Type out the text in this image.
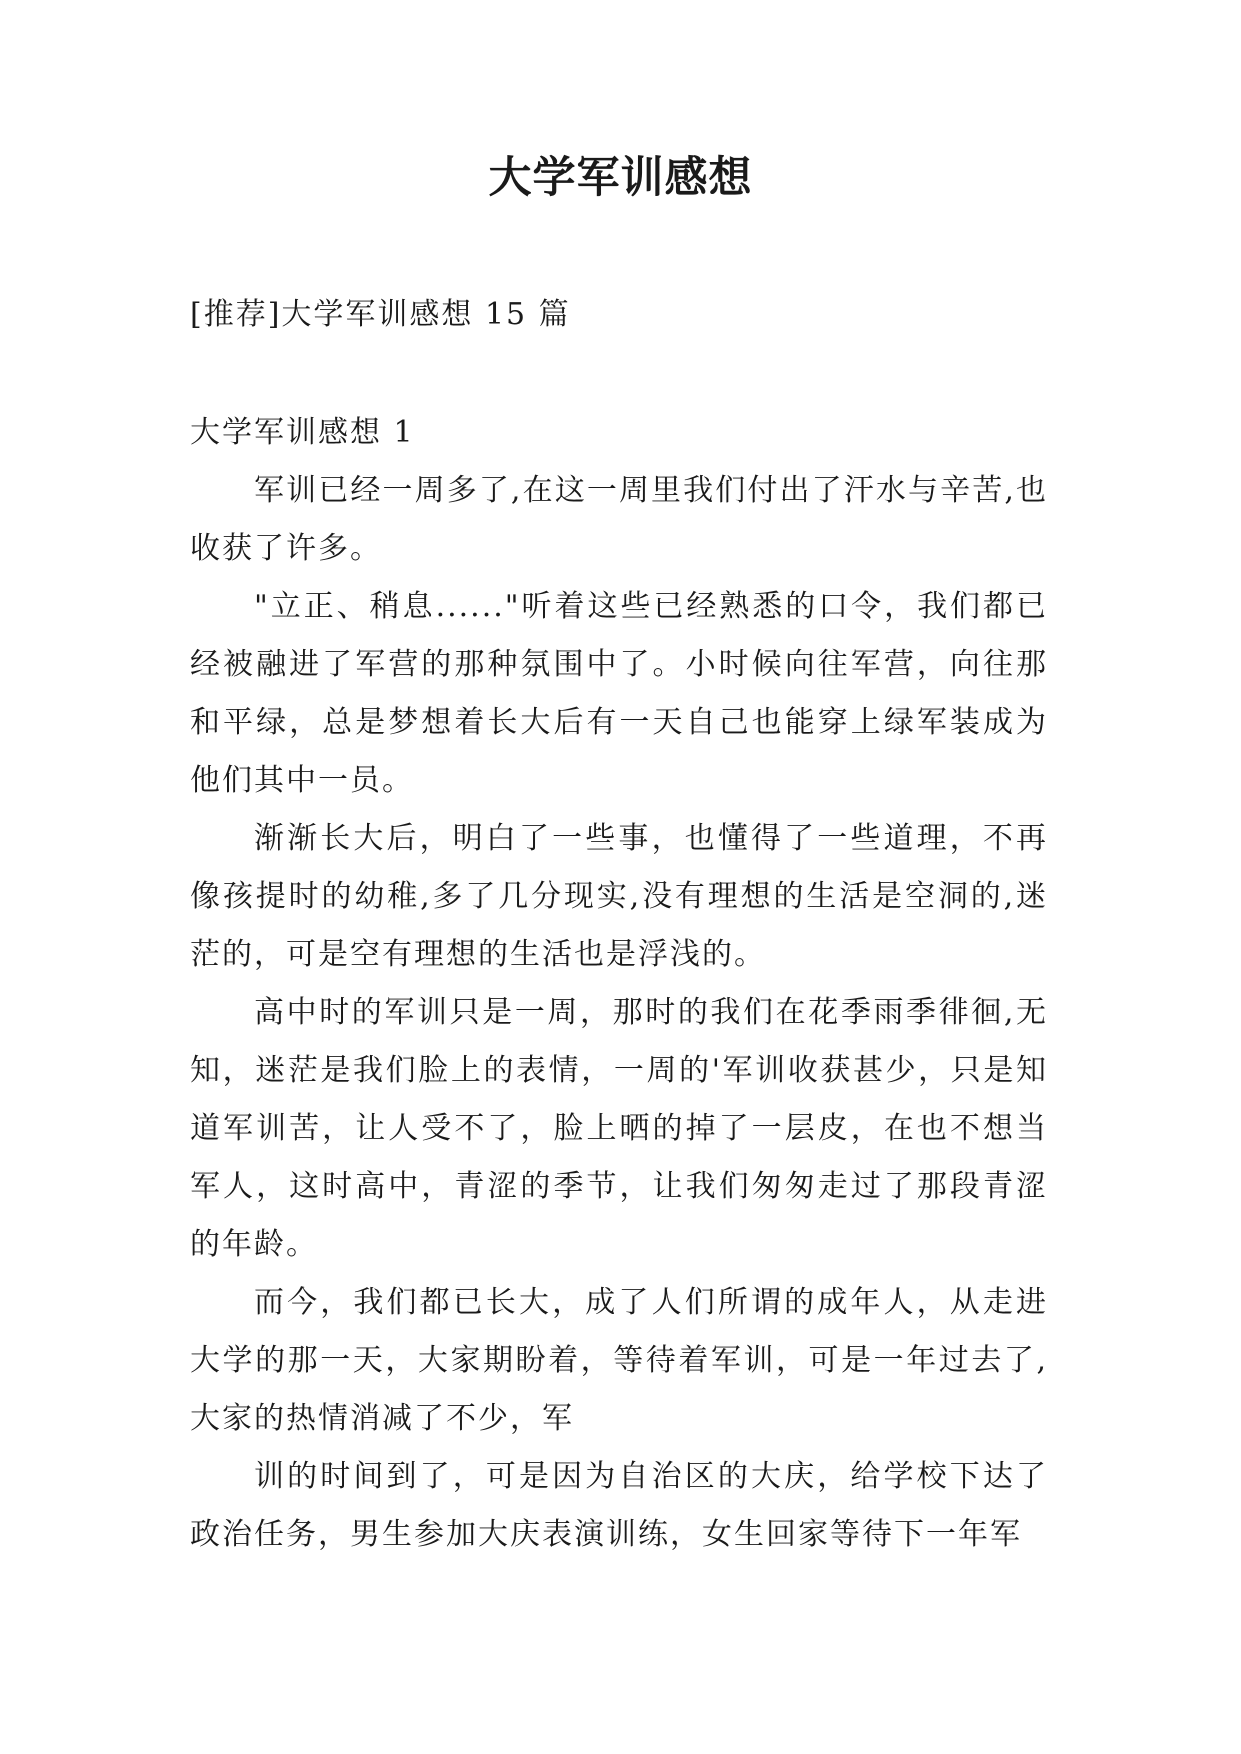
大学军训感想

[推荐]大学军训感想 15 篇

大学军训感想 1

军训已经一周多了,在这一周里我们付出了汗水与辛苦,也收获了许多。

"立正、稍息......"听着这些已经熟悉的口令，我们都已经被融进了军营的那种氛围中了。小时候向往军营，向往那和平绿，总是梦想着长大后有一天自己也能穿上绿军装成为他们其中一员。

渐渐长大后，明白了一些事，也懂得了一些道理，不再像孩提时的幼稚,多了几分现实,没有理想的生活是空洞的,迷茫的，可是空有理想的生活也是浮浅的。

高中时的军训只是一周，那时的我们在花季雨季徘徊,无知，迷茫是我们脸上的表情，一周的'军训收获甚少，只是知道军训苦，让人受不了，脸上晒的掉了一层皮，在也不想当军人，这时高中，青涩的季节，让我们匆匆走过了那段青涩的年龄。

而今，我们都已长大，成了人们所谓的成年人，从走进大学的那一天，大家期盼着，等待着军训，可是一年过去了,大家的热情消减了不少，军

训的时间到了，可是因为自治区的大庆，给学校下达了政治任务，男生参加大庆表演训练，女生回家等待下一年军
